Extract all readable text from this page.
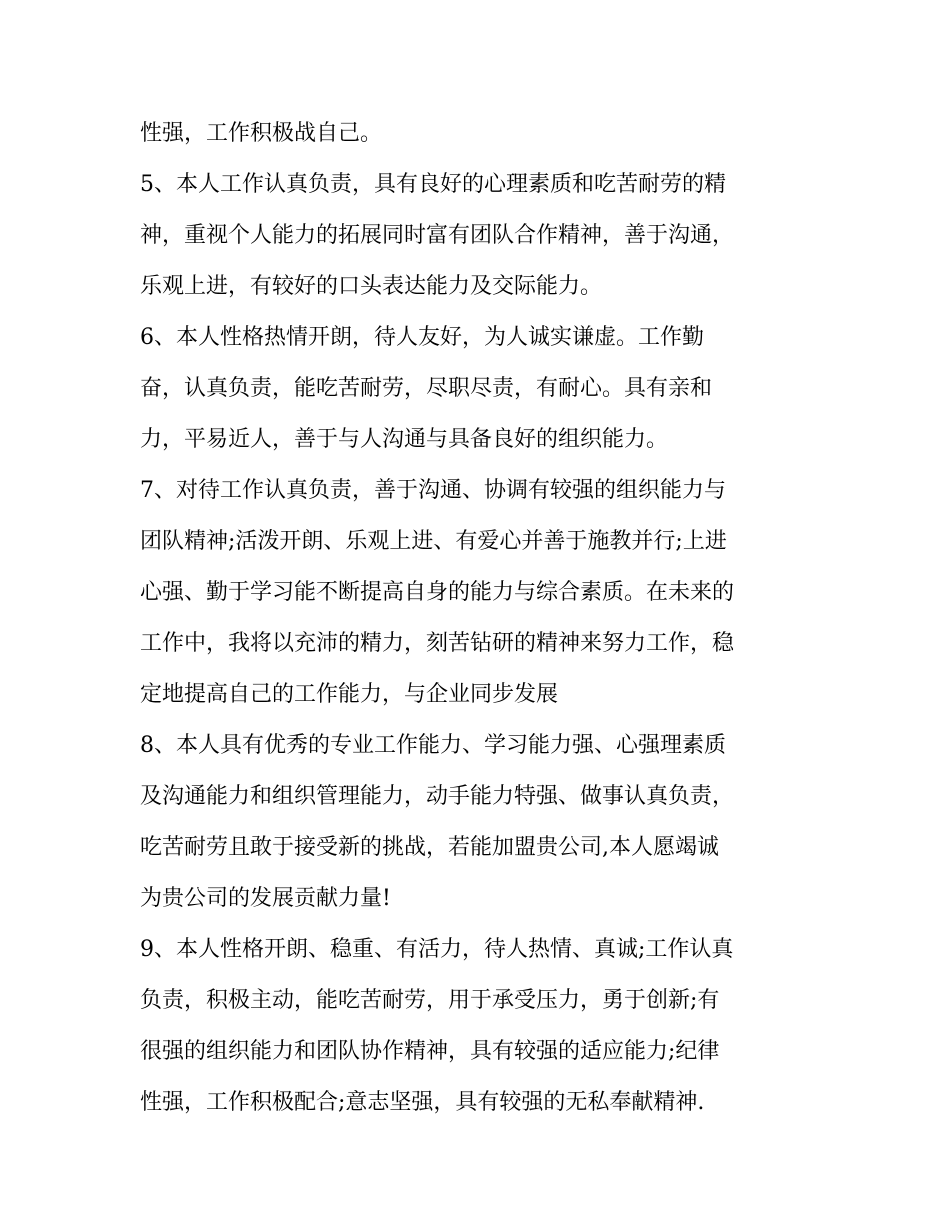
性强，工作积极战自己。
5、本人工作认真负责，具有良好的心理素质和吃苦耐劳的精
神，重视个人能力的拓展同时富有团队合作精神，善于沟通，
乐观上进，有较好的口头表达能力及交际能力。
6、本人性格热情开朗，待人友好，为人诚实谦虚。工作勤
奋，认真负责，能吃苦耐劳，尽职尽责，有耐心。具有亲和
力，平易近人，善于与人沟通与具备良好的组织能力。
7、对待工作认真负责，善于沟通、协调有较强的组织能力与
团队精神;活泼开朗、乐观上进、有爱心并善于施教并行;上进
心强、勤于学习能不断提高自身的能力与综合素质。在未来的
工作中，我将以充沛的精力，刻苦钻研的精神来努力工作，稳
定地提高自己的工作能力，与企业同步发展
8、本人具有优秀的专业工作能力、学习能力强、心强理素质
及沟通能力和组织管理能力，动手能力特强、做事认真负责，
吃苦耐劳且敢于接受新的挑战，若能加盟贵公司,本人愿竭诚
为贵公司的发展贡献力量!
9、本人性格开朗、稳重、有活力，待人热情、真诚;工作认真
负责，积极主动，能吃苦耐劳，用于承受压力，勇于创新;有
很强的组织能力和团队协作精神，具有较强的适应能力;纪律
性强，工作积极配合;意志坚强，具有较强的无私奉献精神.
